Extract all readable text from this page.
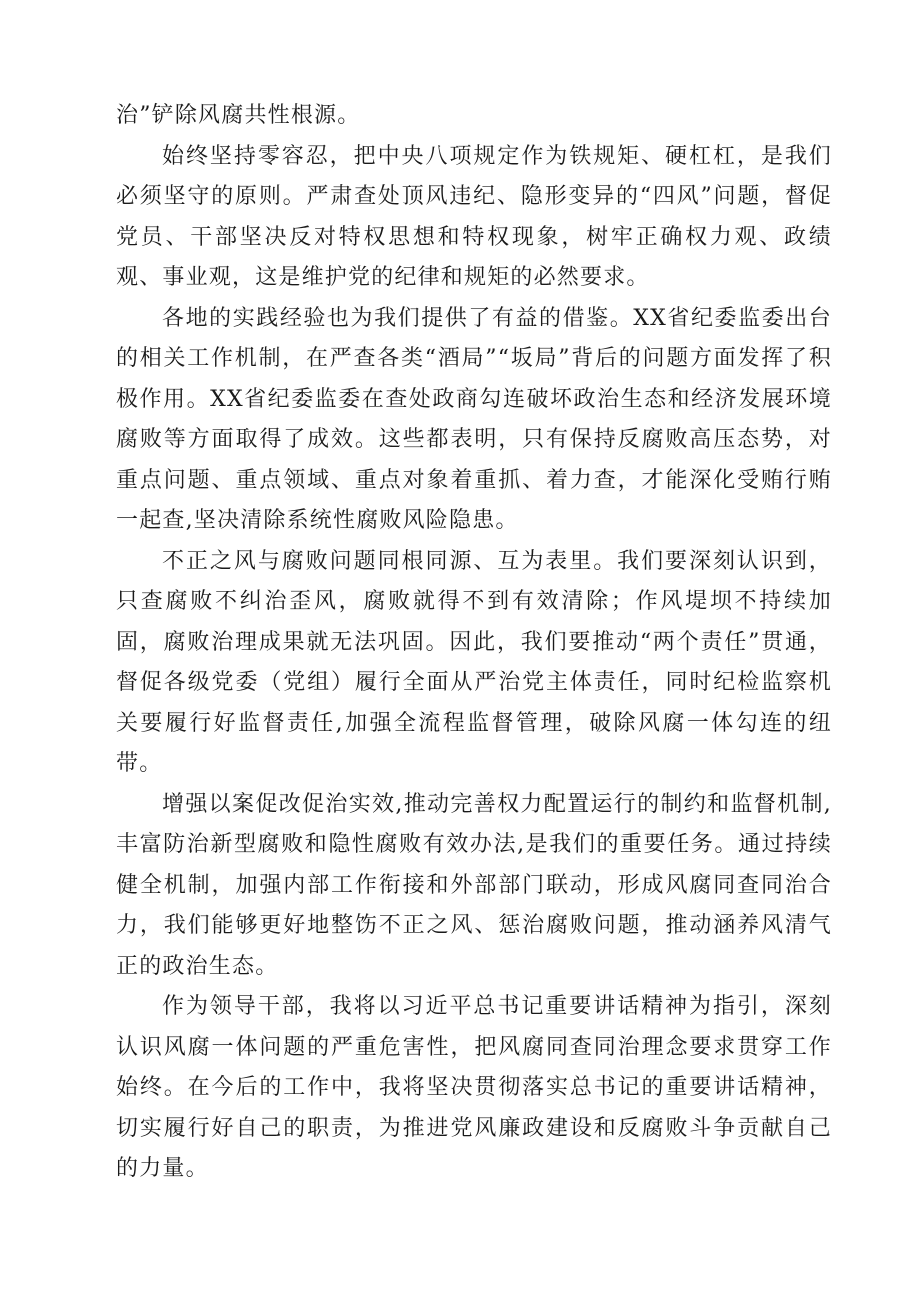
治”铲除风腐共性根源。

始终坚持零容忍，把中央八项规定作为铁规矩、硬杠杠，是我们必须坚守的原则。严肃查处顶风违纪、隐形变异的“四风”问题，督促党员、干部坚决反对特权思想和特权现象，树牢正确权力观、政绩观、事业观，这是维护党的纪律和规矩的必然要求。

各地的实践经验也为我们提供了有益的借鉴。XX省纪委监委出台的相关工作机制，在严查各类“酒局”“坂局”背后的问题方面发挥了积极作用。XX省纪委监委在查处政商勾连破坏政治生态和经济发展环境腐败等方面取得了成效。这些都表明，只有保持反腐败高压态势，对重点问题、重点领域、重点对象着重抓、着力查，才能深化受贿行贿一起查,坚决清除系统性腐败风险隐患。

不正之风与腐败问题同根同源、互为表里。我们要深刻认识到，只查腐败不纠治歪风，腐败就得不到有效清除；作风堤坝不持续加固，腐败治理成果就无法巩固。因此，我们要推动“两个责任”贯通，督促各级党委（党组）履行全面从严治党主体责任，同时纪检监察机关要履行好监督责任,加强全流程监督管理，破除风腐一体勾连的纽带。

增强以案促改促治实效,推动完善权力配置运行的制约和监督机制,丰富防治新型腐败和隐性腐败有效办法,是我们的重要任务。通过持续健全机制，加强内部工作衔接和外部部门联动，形成风腐同查同治合力，我们能够更好地整饬不正之风、惩治腐败问题，推动涵养风清气正的政治生态。

作为领导干部，我将以习近平总书记重要讲话精神为指引，深刻认识风腐一体问题的严重危害性，把风腐同查同治理念要求贯穿工作始终。在今后的工作中，我将坚决贯彻落实总书记的重要讲话精神，切实履行好自己的职责，为推进党风廉政建设和反腐败斗争贡献自己的力量。
